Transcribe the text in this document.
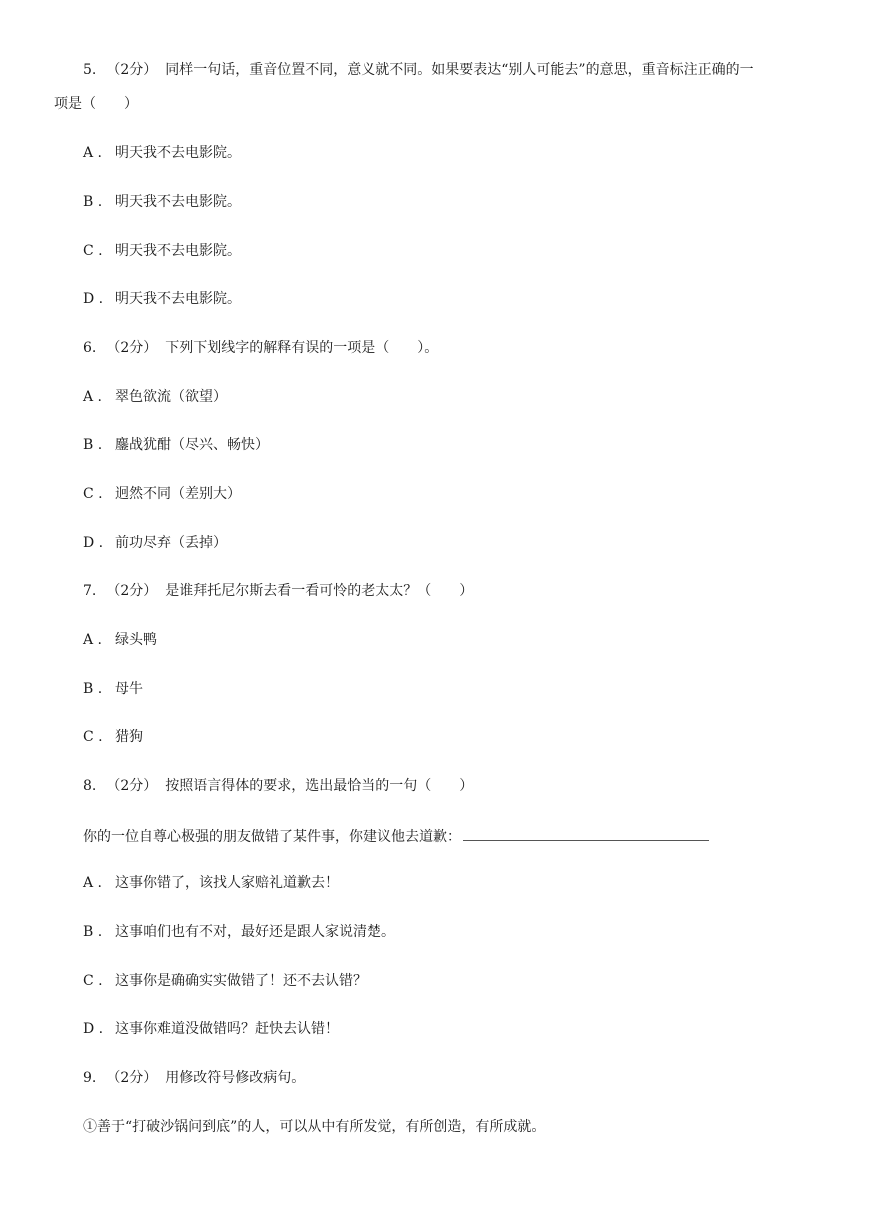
5. （2分） 同样一句话，重音位置不同，意义就不同。如果要表达“别人可能去”的意思，重音标注正确的一
项是（　　）
A . 明天我不去电影院。
B . 明天我不去电影院。
C . 明天我不去电影院。
D . 明天我不去电影院。
6. （2分） 下列下划线字的解释有误的一项是（　　）。
A . 翠色欲流（欲望）
B . 鏖战犹酣（尽兴、畅快）
C . 迥然不同（差别大）
D . 前功尽弃（丢掉）
7. （2分） 是谁拜托尼尔斯去看一看可怜的老太太？（　　）
A . 绿头鸭
B . 母牛
C . 猎狗
8. （2分） 按照语言得体的要求，选出最恰当的一句（　　）
你的一位自尊心极强的朋友做错了某件事，你建议他去道歉：
A . 这事你错了，该找人家赔礼道歉去！
B . 这事咱们也有不对，最好还是跟人家说清楚。
C . 这事你是确确实实做错了！还不去认错？
D . 这事你难道没做错吗？赶快去认错！
9. （2分） 用修改符号修改病句。
①善于“打破沙锅问到底”的人，可以从中有所发觉，有所创造，有所成就。
